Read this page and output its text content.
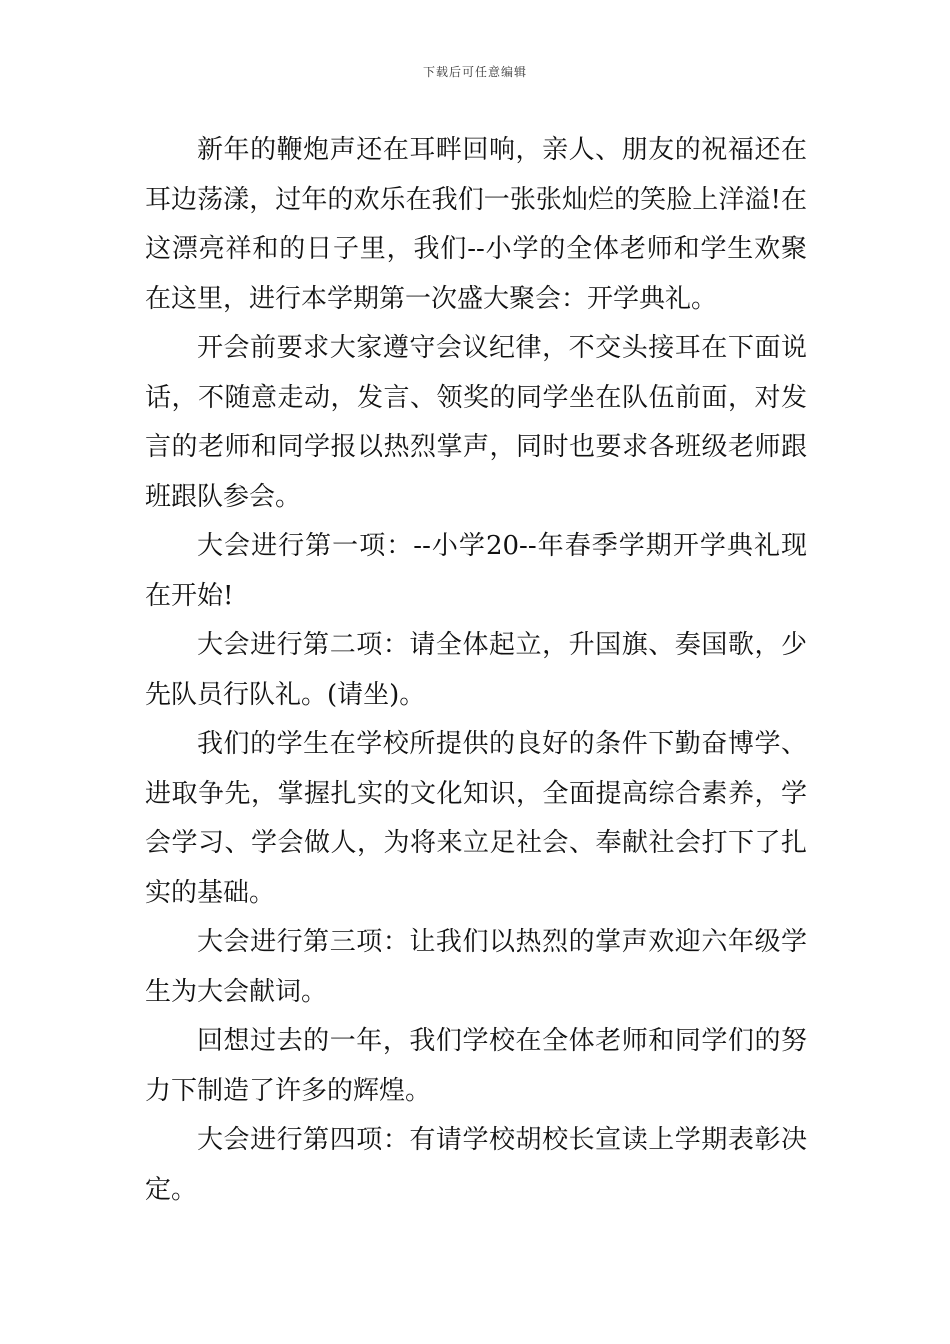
下载后可任意编辑

新年的鞭炮声还在耳畔回响，亲人、朋友的祝福还在耳边荡漾，过年的欢乐在我们一张张灿烂的笑脸上洋溢!在这漂亮祥和的日子里，我们--小学的全体老师和学生欢聚在这里，进行本学期第一次盛大聚会：开学典礼。

开会前要求大家遵守会议纪律，不交头接耳在下面说话，不随意走动，发言、领奖的同学坐在队伍前面，对发言的老师和同学报以热烈掌声，同时也要求各班级老师跟班跟队参会。

大会进行第一项：--小学20--年春季学期开学典礼现在开始!

大会进行第二项：请全体起立，升国旗、奏国歌，少先队员行队礼。(请坐)。

我们的学生在学校所提供的良好的条件下勤奋博学、进取争先，掌握扎实的文化知识，全面提高综合素养，学会学习、学会做人，为将来立足社会、奉献社会打下了扎实的基础。

大会进行第三项：让我们以热烈的掌声欢迎六年级学生为大会献词。

回想过去的一年，我们学校在全体老师和同学们的努力下制造了许多的辉煌。

大会进行第四项：有请学校胡校长宣读上学期表彰决定。
